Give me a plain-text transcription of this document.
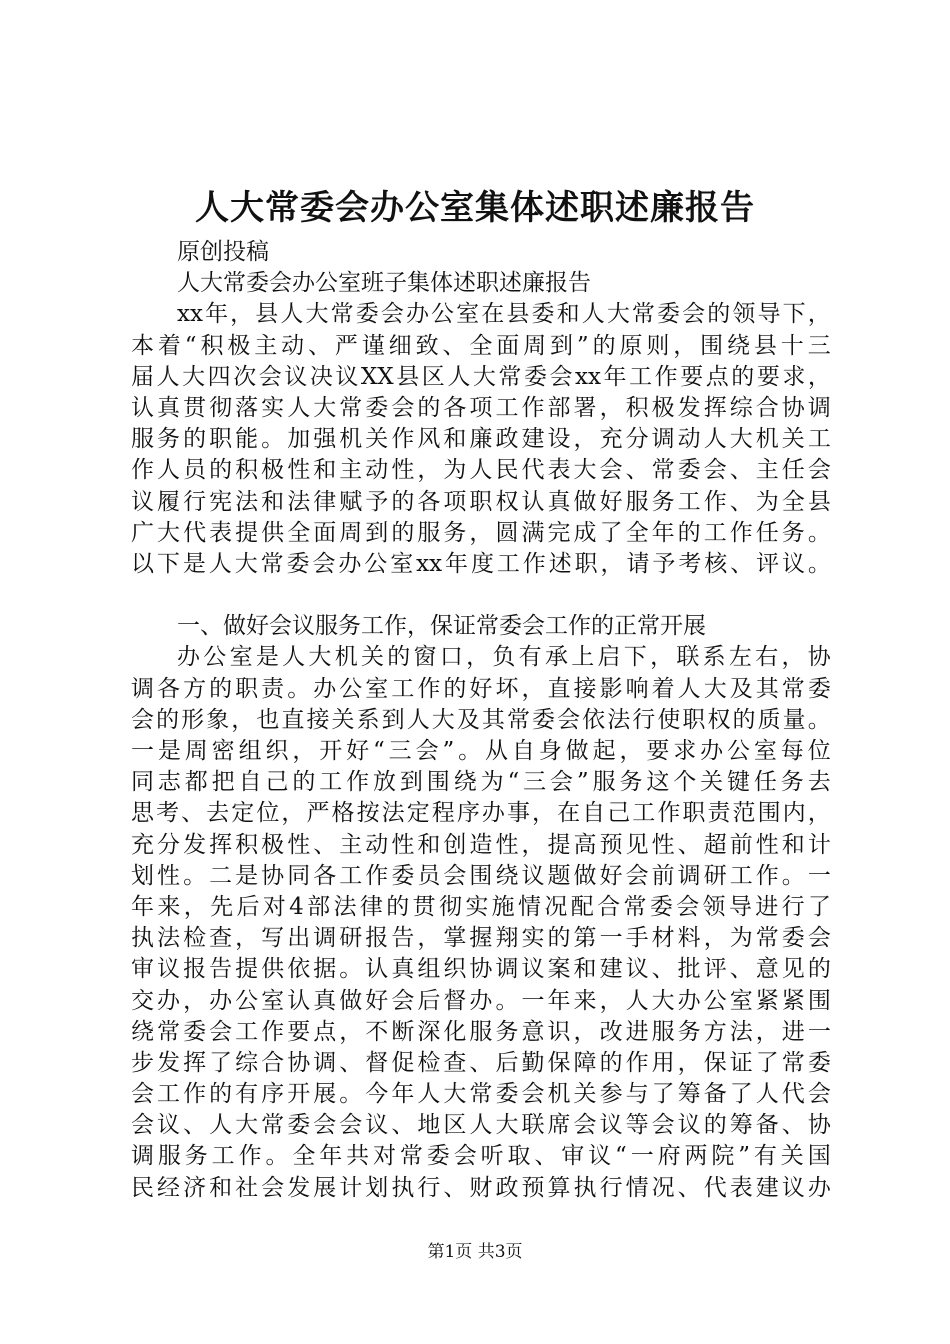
人大常委会办公室集体述职述廉报告
原创投稿
人大常委会办公室班子集体述职述廉报告
xx 年 ， 县 人 大 常 委 会 办 公 室 在 县 委 和 人 大 常 委 会 的 领 导 下 ，
本 着 “ 积 极 主 动 、 严 谨 细 致 、 全 面 周 到 ” 的 原 则 ， 围 绕 县 十 三
届 人 大 四 次 会 议 决 议 XX 县 区 人 大 常 委 会 xx 年 工 作 要 点 的 要 求 ，
认 真 贯 彻 落 实 人 大 常 委 会 的 各 项 工 作 部 署 ， 积 极 发 挥 综 合 协 调
服 务 的 职 能 。 加 强 机 关 作 风 和 廉 政 建 设 ， 充 分 调 动 人 大 机 关 工
作 人 员 的 积 极 性 和 主 动 性 ， 为 人 民 代 表 大 会 、 常 委 会 、 主 任 会
议 履 行 宪 法 和 法 律 赋 予 的 各 项 职 权 认 真 做 好 服 务 工 作 、 为 全 县
广 大 代 表 提 供 全 面 周 到 的 服 务 ， 圆 满 完 成 了 全 年 的 工 作 任 务 。
以 下 是 人 大 常 委 会 办 公 室 xx 年 度 工 作 述 职 ， 请 予 考 核 、 评 议 。
一、做好会议服务工作，保证常委会工作的正常开展
办 公 室 是 人 大 机 关 的 窗 口 ， 负 有 承 上 启 下 ， 联 系 左 右 ， 协
调 各 方 的 职 责 。 办 公 室 工 作 的 好 坏 ， 直 接 影 响 着 人 大 及 其 常 委
会 的 形 象 ， 也 直 接 关 系 到 人 大 及 其 常 委 会 依 法 行 使 职 权 的 质 量 。
一 是 周 密 组 织 ， 开 好 “ 三 会 ” 。 从 自 身 做 起 ， 要 求 办 公 室 每 位
同 志 都 把 自 己 的 工 作 放 到 围 绕 为 “ 三 会 ” 服 务 这 个 关 键 任 务 去
思 考 、 去 定 位 ， 严 格 按 法 定 程 序 办 事 ， 在 自 己 工 作 职 责 范 围 内 ，
充 分 发 挥 积 极 性 、 主 动 性 和 创 造 性 ， 提 高 预 见 性 、 超 前 性 和 计
划 性 。 二 是 协 同 各 工 作 委 员 会 围 绕 议 题 做 好 会 前 调 研 工 作 。 一
年 来 ， 先 后 对 4 部 法 律 的 贯 彻 实 施 情 况 配 合 常 委 会 领 导 进 行 了
执 法 检 查 ， 写 出 调 研 报 告 ， 掌 握 翔 实 的 第 一 手 材 料 ， 为 常 委 会
审 议 报 告 提 供 依 据 。 认 真 组 织 协 调 议 案 和 建 议 、 批 评 、 意 见 的
交 办 ， 办 公 室 认 真 做 好 会 后 督 办 。 一 年 来 ， 人 大 办 公 室 紧 紧 围
绕 常 委 会 工 作 要 点 ， 不 断 深 化 服 务 意 识 ， 改 进 服 务 方 法 ， 进 一
步 发 挥 了 综 合 协 调 、 督 促 检 查 、 后 勤 保 障 的 作 用 ， 保 证 了 常 委
会 工 作 的 有 序 开 展 。 今 年 人 大 常 委 会 机 关 参 与 了 筹 备 了 人 代 会
会 议 、 人 大 常 委 会 会 议 、 地 区 人 大 联 席 会 议 等 会 议 的 筹 备 、 协
调 服 务 工 作 。 全 年 共 对 常 委 会 听 取 、 审 议 “ 一 府 两 院 ” 有 关 国
民 经 济 和 社 会 发 展 计 划 执 行 、 财 政 预 算 执 行 情 况 、 代 表 建 议 办
第1页 共3页
